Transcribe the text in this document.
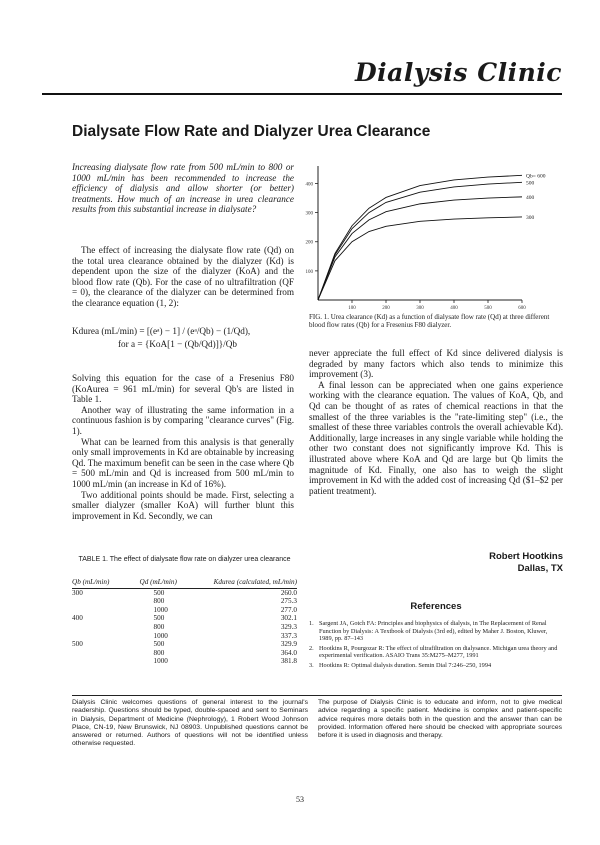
Dialysis Clinic
Dialysate Flow Rate and Dialyzer Urea Clearance

Increasing dialysate flow rate from 500 mL/min to 800 or 1000 mL/min has been recommended to increase the efficiency of dialysis and allow shorter (or better) treatments. How much of an increase in urea clearance results from this substantial increase in dialysate?

The effect of increasing the dialysate flow rate (Qd) on the total urea clearance obtained by the dialyzer (Kd) is dependent upon the size of the dialyzer (KoA) and the blood flow rate (Qb). For the case of no ultrafiltration (QF = 0), the clearance of the dialyzer can be determined from the clearance equation (1, 2):

Kdurea (mL/min) = [(eᵃ) − 1] / (eᵃ/Qb) − (1/Qd),
for a = {KoA[1 − (Qb/Qd)]}/Qb

Solving this equation for the case of a Fresenius F80 (KoAurea = 961 mL/min) for several Qb's are listed in Table 1.

Another way of illustrating the same information in a continuous fashion is by comparing "clearance curves" (Fig. 1).

What can be learned from this analysis is that generally only small improvements in Kd are obtainable by increasing Qd. The maximum benefit can be seen in the case where Qb = 500 mL/min and Qd is increased from 500 mL/min to 1000 mL/min (an increase in Kd of 16%).

Two additional points should be made. First, selecting a smaller dialyzer (smaller KoA) will further blunt this improvement in Kd. Secondly, we can

TABLE 1. The effect of dialysate flow rate on dialyzer urea clearance
Qb (mL/min)	Qd (mL/min)	Kdurea (calculated, mL/min)
300	500	260.0
	800	275.3
	1000	277.0
400	500	302.1
	800	329.3
	1000	337.3
500	500	329.9
	800	364.0
	1000	381.8
100	200	300	400	500	600
400
300
200
100
Qb= 600
500
400
300
FIG. 1. Urea clearance (Kd) as a function of dialysate flow rate (Qd) at three different blood flow rates (Qb) for a Fresenius F80 dialyzer.

never appreciate the full effect of Kd since delivered dialysis is degraded by many factors which also tends to minimize this improvement (3).

A final lesson can be appreciated when one gains experience working with the clearance equation. The values of KoA, Qb, and Qd can be thought of as rates of chemical reactions in that the smallest of the three variables is the "rate-limiting step" (i.e., the smallest of these three variables controls the overall achievable Kd). Additionally, large increases in any single variable while holding the other two constant does not significantly improve Kd. This is illustrated above where KoA and Qd are large but Qb limits the magnitude of Kd. Finally, one also has to weigh the slight improvement in Kd with the added cost of increasing Qd ($1–$2 per patient treatment).

Robert Hootkins
Dallas, TX
References
1. Sargent JA, Gotch FA: Principles and biophysics of dialysis, in The Replacement of Renal Function by Dialysis: A Textbook of Dialysis (3rd ed), edited by Maher J. Boston, Kluwer, 1989, pp. 87–143
2. Hootkins R, Pourgozar R: The effect of ultrafiltration on dialysance. Michigan urea theory and experimental verification. ASAIO Trans 35:M275–M277, 1991
3. Hootkins R: Optimal dialysis duration. Semin Dial 7:246–250, 1994
Dialysis Clinic welcomes questions of general interest to the journal's readership. Questions should be typed, double-spaced and sent to Seminars in Dialysis, Department of Medicine (Nephrology), 1 Robert Wood Johnson Place, CN-19, New Brunswick, NJ 08903. Unpublished questions cannot be answered or returned. Authors of questions will not be identified unless otherwise requested.
The purpose of Dialysis Clinic is to educate and inform, not to give medical advice regarding a specific patient. Medicine is complex and patient-specific advice requires more details both in the question and the answer than can be provided. Information offered here should be checked with appropriate sources before it is used in diagnosis and therapy.
53
